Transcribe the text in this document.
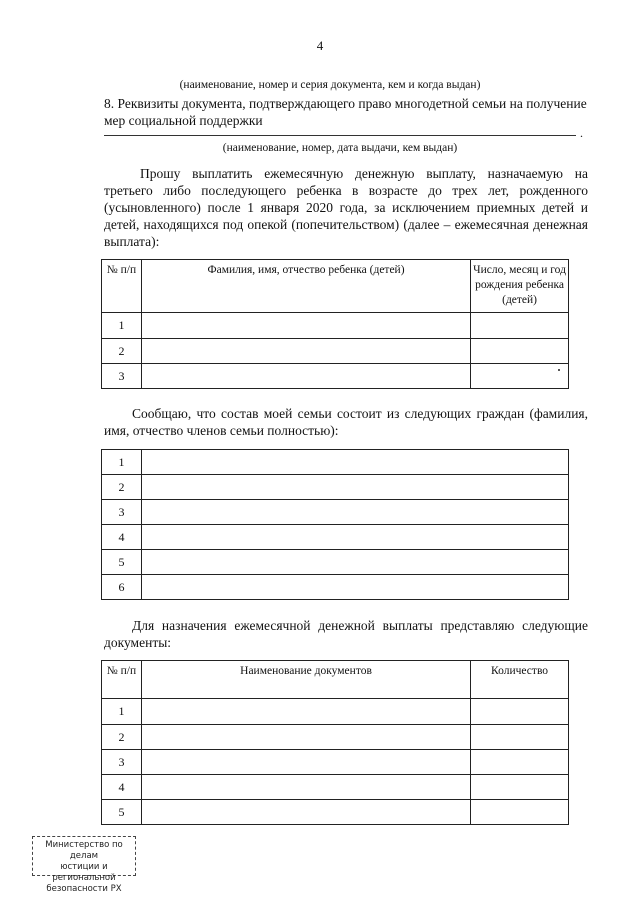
4
(наименование, номер и серия документа, кем и когда выдан)
8. Реквизиты документа, подтверждающего право многодетной семьи на получение
мер социальной поддержки
.
(наименование, номер, дата выдачи, кем выдан)
Прошу выплатить ежемесячную денежную выплату, назначаемую на третьего либо последующего ребенка в возрасте до трех лет, рожденного (усыновленного) после 1 января 2020 года, за исключением приемных детей и детей, находящихся под опекой (попечительством) (далее – ежемесячная денежная выплата):
№ п/п	Фамилия, имя, отчество ребенка (детей)	Число, месяц и год рождения ребенка (детей)
1		
2		
3		
Сообщаю, что состав моей семьи состоит из следующих граждан (фамилия, имя, отчество членов семьи полностью):
1	
2	
3	
4	
5	
6	
Для назначения ежемесячной денежной выплаты представляю следующие документы:
№ п/п	Наименование документов	Количество
1		
2		
3		
4		
5		
Министерство по делам
юстиции и региональной
безопасности РХ
